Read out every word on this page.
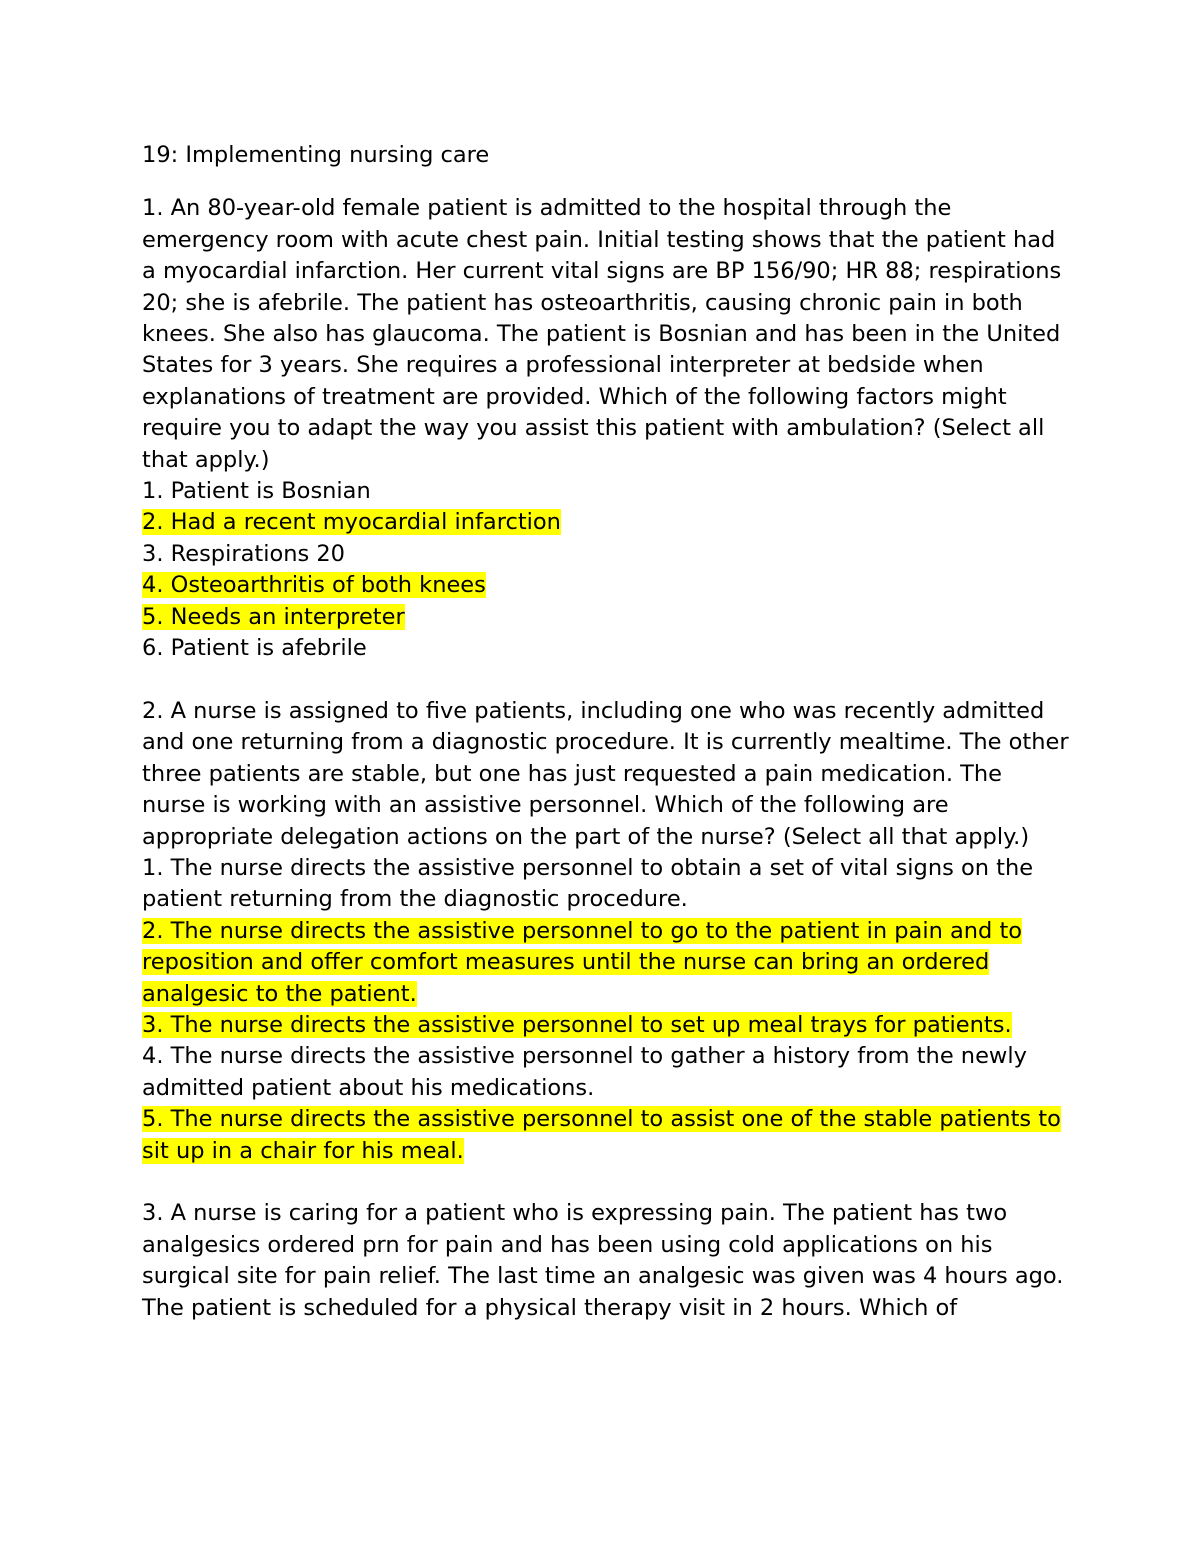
19: Implementing nursing care

1. An 80-year-old female patient is admitted to the hospital through the emergency room with acute chest pain. Initial testing shows that the patient had a myocardial infarction. Her current vital signs are BP 156/90; HR 88; respirations 20; she is afebrile. The patient has osteoarthritis, causing chronic pain in both knees. She also has glaucoma. The patient is Bosnian and has been in the United States for 3 years. She requires a professional interpreter at bedside when explanations of treatment are provided. Which of the following factors might require you to adapt the way you assist this patient with ambulation? (Select all that apply.)

1. Patient is Bosnian

2. Had a recent myocardial infarction

3. Respirations 20

4. Osteoarthritis of both knees

5. Needs an interpreter

6. Patient is afebrile

2. A nurse is assigned to five patients, including one who was recently admitted and one returning from a diagnostic procedure. It is currently mealtime. The other three patients are stable, but one has just requested a pain medication. The nurse is working with an assistive personnel. Which of the following are appropriate delegation actions on the part of the nurse? (Select all that apply.)

1. The nurse directs the assistive personnel to obtain a set of vital signs on the patient returning from the diagnostic procedure.

2. The nurse directs the assistive personnel to go to the patient in pain and to reposition and offer comfort measures until the nurse can bring an ordered analgesic to the patient.

3. The nurse directs the assistive personnel to set up meal trays for patients.

4. The nurse directs the assistive personnel to gather a history from the newly admitted patient about his medications.

5. The nurse directs the assistive personnel to assist one of the stable patients to sit up in a chair for his meal.

3. A nurse is caring for a patient who is expressing pain. The patient has two analgesics ordered prn for pain and has been using cold applications on his surgical site for pain relief. The last time an analgesic was given was 4 hours ago. The patient is scheduled for a physical therapy visit in 2 hours. Which of
